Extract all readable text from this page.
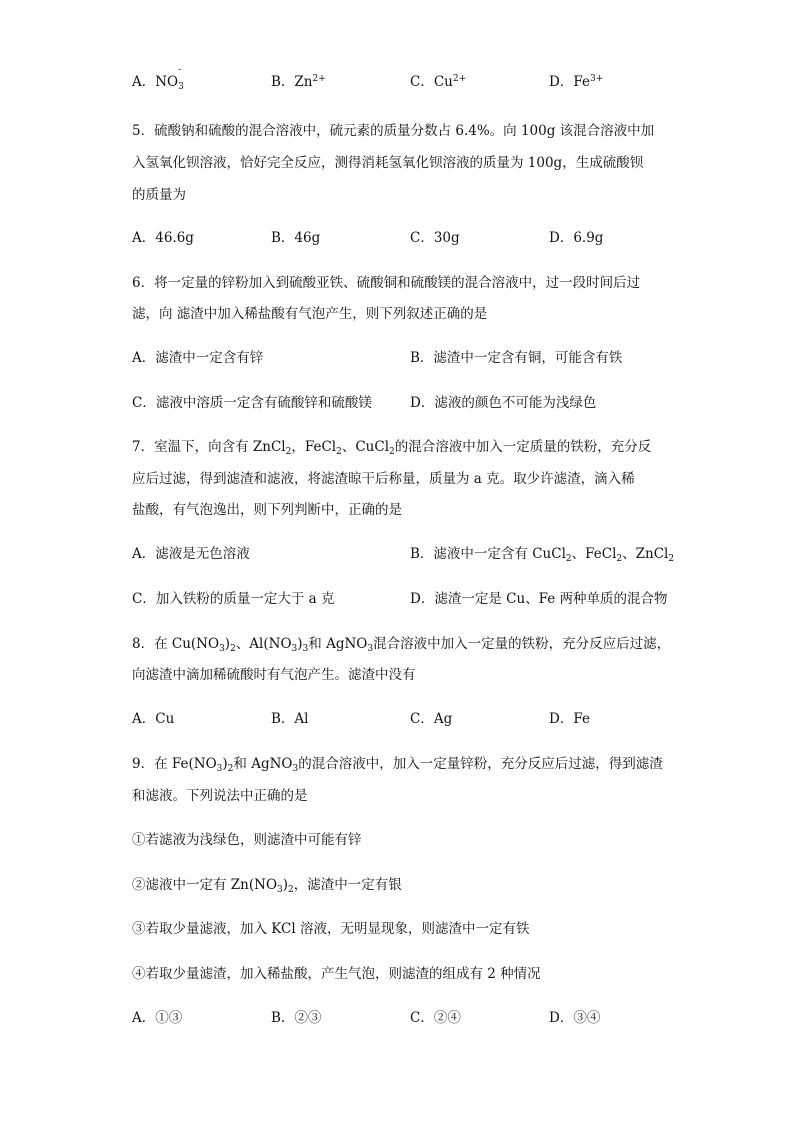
A．NO
-
$_3$	B．$Zn^{2+}$	C．$Cu^{2+}$	D．$Fe^{3+}$
5．硫酸钠和硫酸的混合溶液中，硫元素的质量分数占 6.4%。向 100g 该混合溶液中加
入氢氧化钡溶液，恰好完全反应，测得消耗氢氧化钡溶液的质量为 100g，生成硫酸钡
的质量为
A．46.6g	B．46g	C．30g	D．6.9g
6．将一定量的锌粉加入到硫酸亚铁、硫酸铜和硫酸镁的混合溶液中，过一段时间后过
滤，向 滤渣中加入稀盐酸有气泡产生，则下列叙述正确的是
A．滤渣中一定含有锌	B．滤渣中一定含有铜，可能含有铁
C．滤液中溶质一定含有硫酸锌和硫酸镁	D．滤液的颜色不可能为浅绿色
7．室温下，向含有 ZnCl$_2$，FeCl$_2$、CuCl$_2$的混合溶液中加入一定质量的铁粉，充分反
应后过滤，得到滤渣和滤液，将滤渣晾干后称量，质量为 a 克。取少许滤渣，滴入稀
盐酸，有气泡逸出，则下列判断中，正确的是
A．滤液是无色溶液	B．滤液中一定含有 CuCl$_2$、FeCl$_2$、ZnCl$_2$
C．加入铁粉的质量一定大于 a 克	D．滤渣一定是 Cu、Fe 两种单质的混合物
8．在 $Cu(NO_3)_2$、$Al(NO_3)_3$和 AgNO$_3$混合溶液中加入一定量的铁粉，充分反应后过滤，
向滤渣中滴加稀硫酸时有气泡产生。滤渣中没有
A．Cu	B．Al	C．Ag	D．Fe
9．在 $Fe(NO_3)_2$和 AgNO$_3$的混合溶液中，加入一定量锌粉，充分反应后过滤，得到滤渣
和滤液。下列说法中正确的是
①若滤液为浅绿色，则滤渣中可能有锌
②滤液中一定有 $Zn(NO_3)_2$，滤渣中一定有银
③若取少量滤液，加入 KCl 溶液，无明显现象，则滤渣中一定有铁
④若取少量滤渣，加入稀盐酸，产生气泡，则滤渣的组成有 2 种情况
A．①③	B．②③	C．②④	D．③④
